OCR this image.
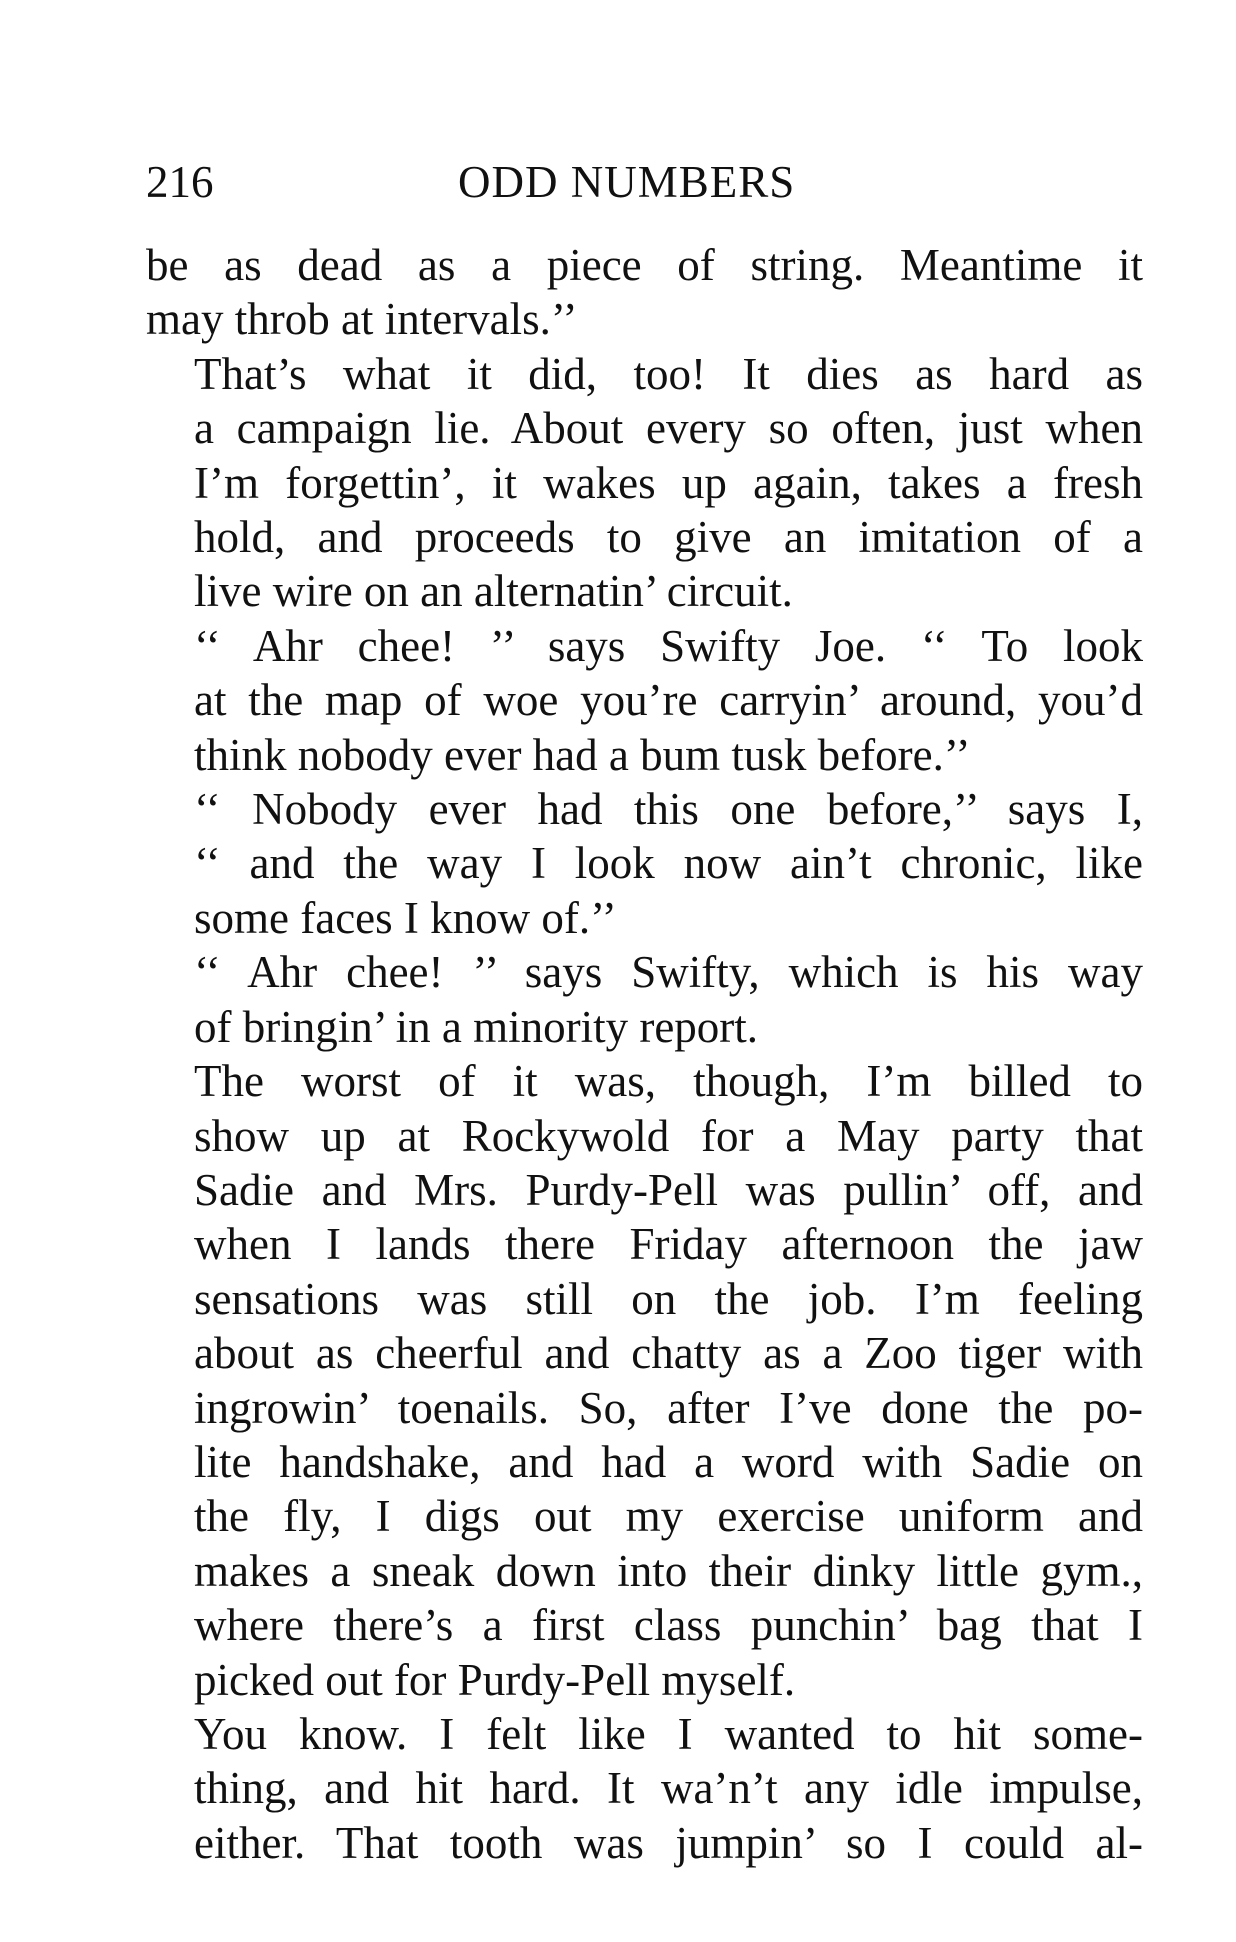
216	ODD NUMBERS

be as dead as a piece of string. Meantime it
may throb at intervals.’’

That’s what it did, too! It dies as hard as
a campaign lie. About every so often, just when
I’m forgettin’, it wakes up again, takes a fresh
hold, and proceeds to give an imitation of a
live wire on an alternatin’ circuit.

‘‘ Ahr chee! ’’ says Swifty Joe. ‘‘ To look
at the map of woe you’re carryin’ around, you’d
think nobody ever had a bum tusk before.’’

‘‘ Nobody ever had this one before,’’ says I,
‘‘ and the way I look now ain’t chronic, like
some faces I know of.’’

‘‘ Ahr chee! ’’ says Swifty, which is his way
of bringin’ in a minority report.

The worst of it was, though, I’m billed to
show up at Rockywold for a May party that
Sadie and Mrs. Purdy-Pell was pullin’ off, and
when I lands there Friday afternoon the jaw
sensations was still on the job. I’m feeling
about as cheerful and chatty as a Zoo tiger with
ingrowin’ toenails. So, after I’ve done the po-
lite handshake, and had a word with Sadie on
the fly, I digs out my exercise uniform and
makes a sneak down into their dinky little gym.,
where there’s a first class punchin’ bag that I
picked out for Purdy-Pell myself.

You know. I felt like I wanted to hit some-
thing, and hit hard. It wa’n’t any idle impulse,
either. That tooth was jumpin’ so I could al-
